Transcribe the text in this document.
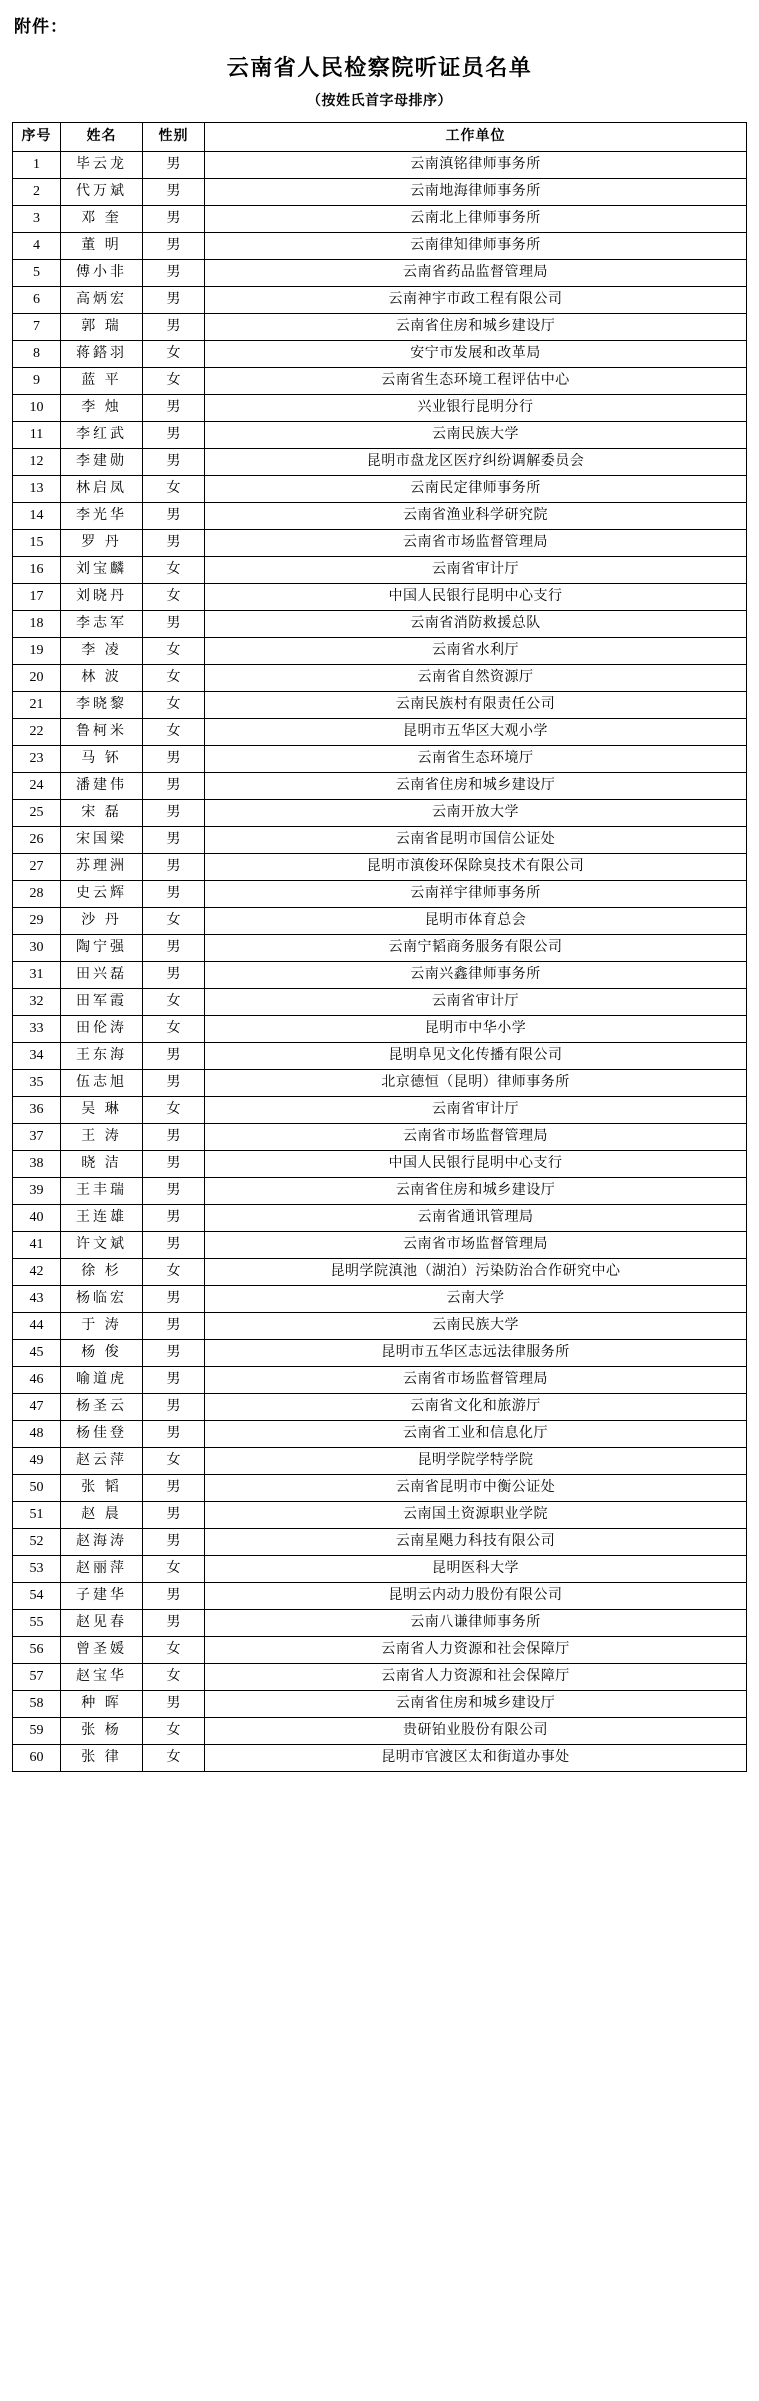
附件：
云南省人民检察院听证员名单
（按姓氏首字母排序）
序号	姓名	性别	工作单位
1	毕云龙	男	云南滇铭律师事务所
2	代万斌	男	云南地海律师事务所
3	邓 奎	男	云南北上律师事务所
4	董 明	男	云南律知律师事务所
5	傅小非	男	云南省药品监督管理局
6	高炳宏	男	云南神宇市政工程有限公司
7	郭 瑞	男	云南省住房和城乡建设厅
8	蒋鎝羽	女	安宁市发展和改革局
9	蓝 平	女	云南省生态环境工程评估中心
10	李 烛	男	兴业银行昆明分行
11	李红武	男	云南民族大学
12	李建勋	男	昆明市盘龙区医疗纠纷调解委员会
13	林启凤	女	云南民定律师事务所
14	李光华	男	云南省渔业科学研究院
15	罗 丹	男	云南省市场监督管理局
16	刘宝麟	女	云南省审计厅
17	刘晓丹	女	中国人民银行昆明中心支行
18	李志军	男	云南省消防救援总队
19	李 凌	女	云南省水利厅
20	林 波	女	云南省自然资源厅
21	李晓黎	女	云南民族村有限责任公司
22	鲁柯米	女	昆明市五华区大观小学
23	马 钚	男	云南省生态环境厅
24	潘建伟	男	云南省住房和城乡建设厅
25	宋 磊	男	云南开放大学
26	宋国梁	男	云南省昆明市国信公证处
27	苏理洲	男	昆明市滇俊环保除臭技术有限公司
28	史云辉	男	云南祥宇律师事务所
29	沙 丹	女	昆明市体育总会
30	陶宁强	男	云南宁韬商务服务有限公司
31	田兴磊	男	云南兴鑫律师事务所
32	田军霞	女	云南省审计厅
33	田伦涛	女	昆明市中华小学
34	王东海	男	昆明阜见文化传播有限公司
35	伍志旭	男	北京德恒（昆明）律师事务所
36	吴 琳	女	云南省审计厅
37	王 涛	男	云南省市场监督管理局
38	晓 洁	男	中国人民银行昆明中心支行
39	王丰瑞	男	云南省住房和城乡建设厅
40	王连雄	男	云南省通讯管理局
41	许文斌	男	云南省市场监督管理局
42	徐 杉	女	昆明学院滇池（湖泊）污染防治合作研究中心
43	杨临宏	男	云南大学
44	于 涛	男	云南民族大学
45	杨 俊	男	昆明市五华区志远法律服务所
46	喻道虎	男	云南省市场监督管理局
47	杨圣云	男	云南省文化和旅游厅
48	杨佳登	男	云南省工业和信息化厅
49	赵云萍	女	昆明学院学特学院
50	张 韬	男	云南省昆明市中衡公证处
51	赵 晨	男	云南国土资源职业学院
52	赵海涛	男	云南星飓力科技有限公司
53	赵丽萍	女	昆明医科大学
54	子建华	男	昆明云内动力股份有限公司
55	赵见春	男	云南八谦律师事务所
56	曾圣媛	女	云南省人力资源和社会保障厅
57	赵宝华	女	云南省人力资源和社会保障厅
58	种 晖	男	云南省住房和城乡建设厅
59	张 杨	女	贵研铂业股份有限公司
60	张 律	女	昆明市官渡区太和街道办事处
